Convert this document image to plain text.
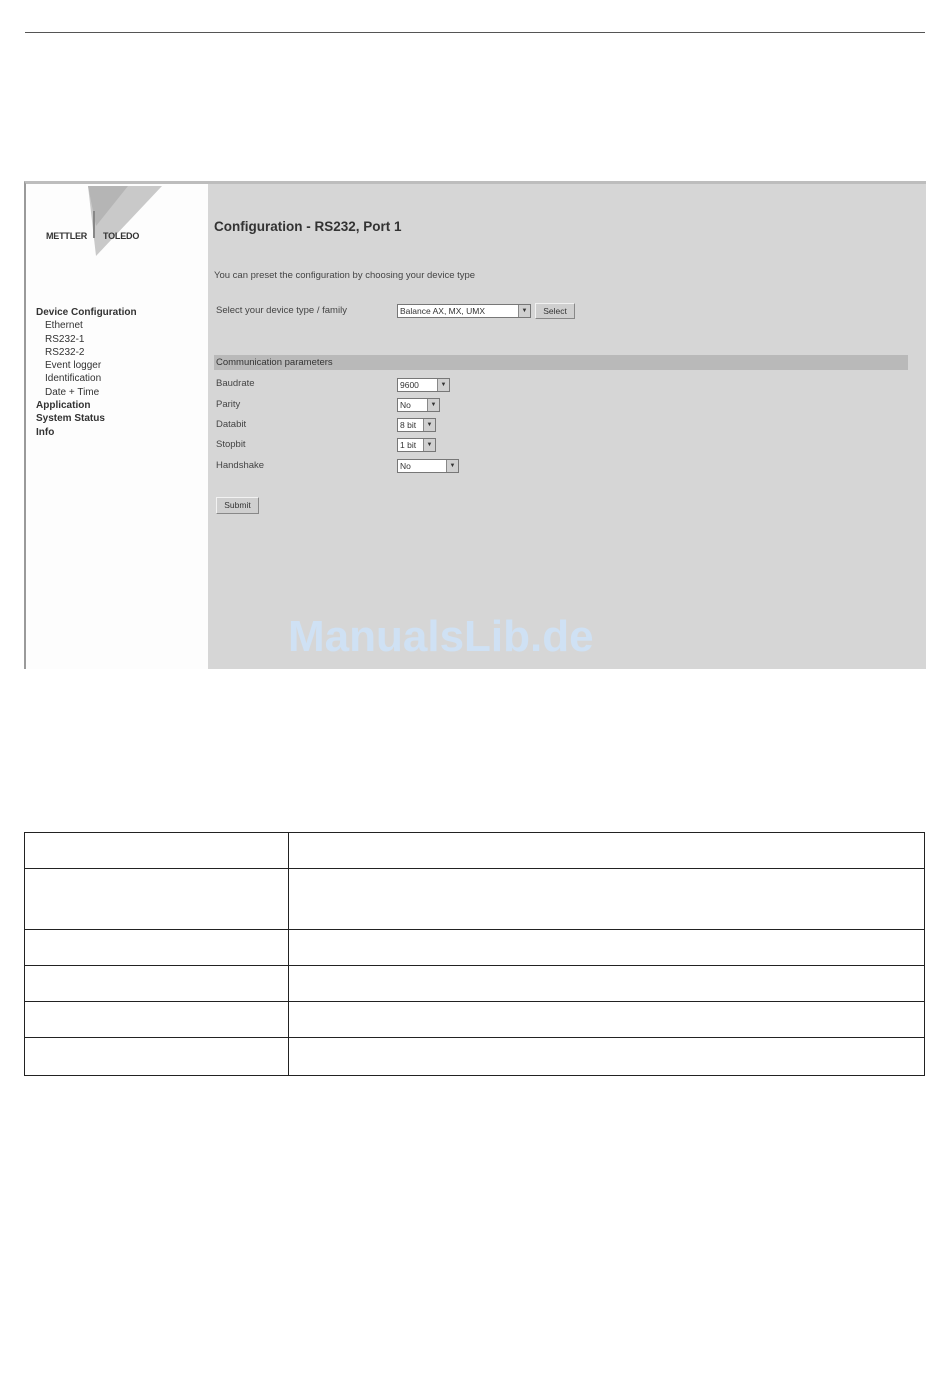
METTLER TOLEDO
Device Configuration
Ethernet
RS232-1
RS232-2
Event logger
Identification
Date + Time
Application
System Status
Info
Configuration - RS232, Port 1
You can preset the configuration by choosing your device type
Select your device type / family	Balance AX, MX, UMX	▼	Select
Communication parameters
Baudrate	9600	▼
Parity	No	▼
Databit	8 bit	▼
Stopbit	1 bit	▼
Handshake	No	▼
Submit
ManualsLib.de
